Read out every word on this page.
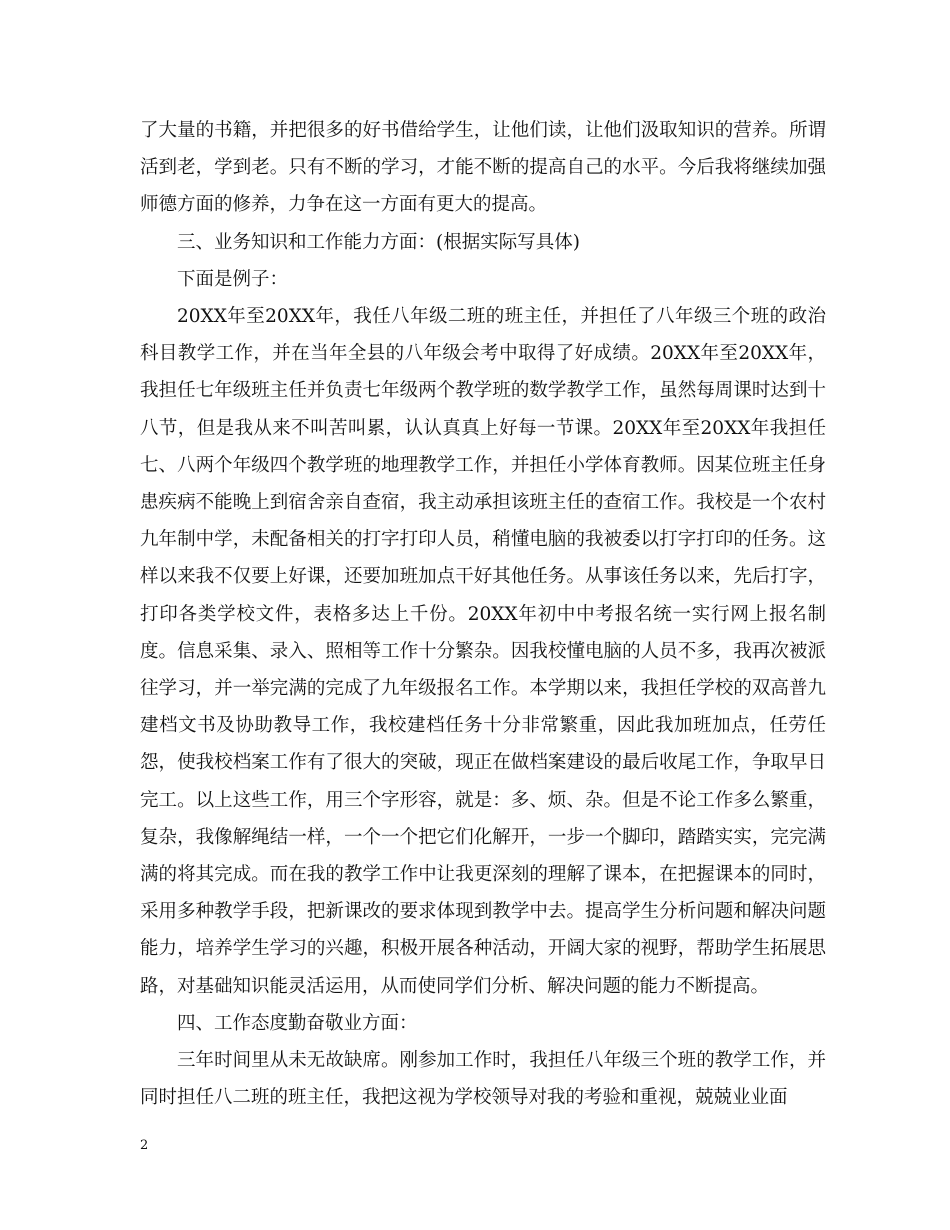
了大量的书籍，并把很多的好书借给学生，让他们读，让他们汲取知识的营养。所谓活到老，学到老。只有不断的学习，才能不断的提高自己的水平。今后我将继续加强师德方面的修养，力争在这一方面有更大的提高。

三、业务知识和工作能力方面：(根据实际写具体)

下面是例子：

20XX年至20XX年，我任八年级二班的班主任，并担任了八年级三个班的政治科目教学工作，并在当年全县的八年级会考中取得了好成绩。20XX年至20XX年，我担任七年级班主任并负责七年级两个教学班的数学教学工作，虽然每周课时达到十八节，但是我从来不叫苦叫累，认认真真上好每一节课。20XX年至20XX年我担任七、八两个年级四个教学班的地理教学工作，并担任小学体育教师。因某位班主任身患疾病不能晚上到宿舍亲自查宿，我主动承担该班主任的查宿工作。我校是一个农村九年制中学，未配备相关的打字打印人员，稍懂电脑的我被委以打字打印的任务。这样以来我不仅要上好课，还要加班加点干好其他任务。从事该任务以来，先后打字，打印各类学校文件，表格多达上千份。20XX年初中中考报名统一实行网上报名制度。信息采集、录入、照相等工作十分繁杂。因我校懂电脑的人员不多，我再次被派往学习，并一举完满的完成了九年级报名工作。本学期以来，我担任学校的双高普九建档文书及协助教导工作，我校建档任务十分非常繁重，因此我加班加点，任劳任怨，使我校档案工作有了很大的突破，现正在做档案建设的最后收尾工作，争取早日完工。以上这些工作，用三个字形容，就是：多、烦、杂。但是不论工作多么繁重，复杂，我像解绳结一样，一个一个把它们化解开，一步一个脚印，踏踏实实，完完满满的将其完成。而在我的教学工作中让我更深刻的理解了课本，在把握课本的同时，采用多种教学手段，把新课改的要求体现到教学中去。提高学生分析问题和解决问题能力，培养学生学习的兴趣，积极开展各种活动，开阔大家的视野，帮助学生拓展思路，对基础知识能灵活运用，从而使同学们分析、解决问题的能力不断提高。

四、工作态度勤奋敬业方面：

三年时间里从未无故缺席。刚参加工作时，我担任八年级三个班的教学工作，并同时担任八二班的班主任，我把这视为学校领导对我的考验和重视，兢兢业业面

2
